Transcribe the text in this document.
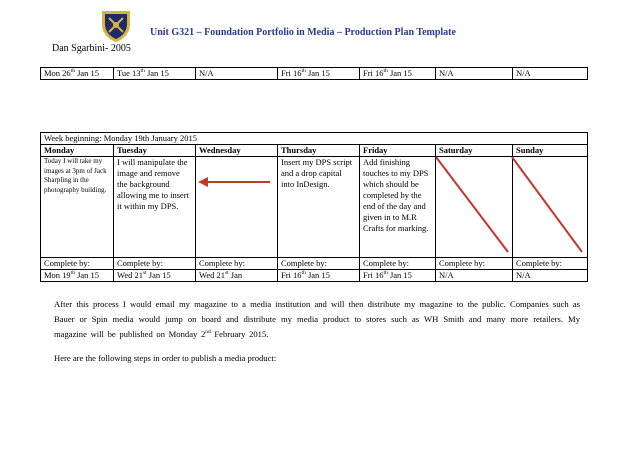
Unit G321 – Foundation Portfolio in Media – Production Plan Template
Dan Sgarbini- 2005
Mon 26th Jan 15	Tue 13th Jan 15	N/A	Fri 16th Jan 15	Fri 16th Jan 15	N/A	N/A
Week beginning: Monday 19th January 2015						
Monday	Tuesday	Wednesday	Thursday	Friday	Saturday	Sunday
Today I will take my images at 3pm of Jack Sharpling in the photography building.	I will manipulate the image and remove the background allowing me to insert it within my DPS.		Insert my DPS script and a drop capital into InDesign.	Add finishing touches to my DPS which should be completed by the end of the day and given in to M.R Crafts for marking.		
Complete by:	Complete by:	Complete by:	Complete by:	Complete by:	Complete by:	Complete by:
Mon 19th Jan 15	Wed 21st Jan 15	Wed 21st Jan	Fri 16th Jan 15	Fri 16th Jan 15	N/A	N/A
After this process I would email my magazine to a media institution and will then distribute my magazine to the public. Companies such as Bauer or Spin media would jump on board and distribute my media product to stores such as WH Smith and many more retailers. My magazine will be published on Monday 2nd February 2015.
Here are the following steps in order to publish a media product:
